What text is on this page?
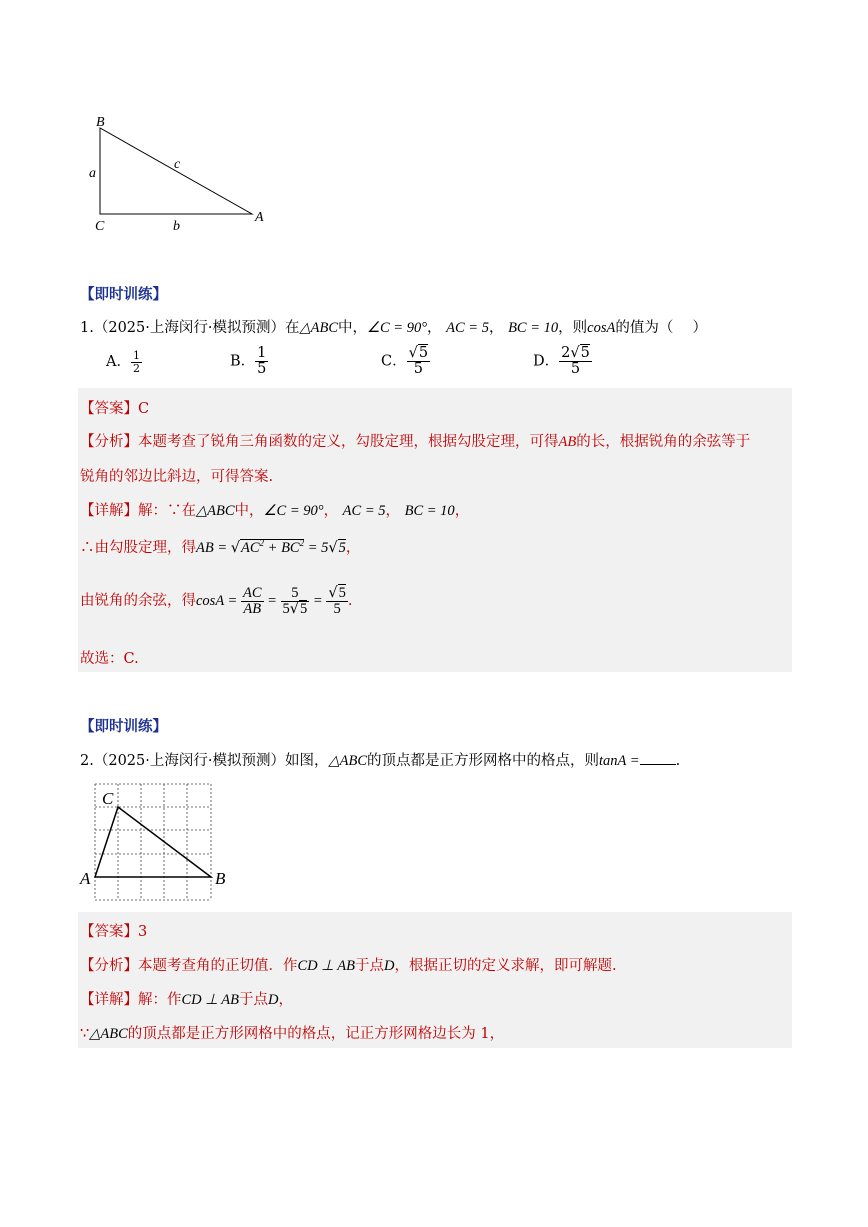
B
C
A
a
b
c
【即时训练】
1.（2025·上海闵行·模拟预测）在△ABC中，∠C = 90°， AC = 5， BC = 10，则cosA的值为（　 ）
A． $\frac{1}{2}$	B． $\frac{1}{5}$	C． $\frac{√5}{5}$	D． $\frac{2√5}{5}$
【答案】C
【分析】本题考查了锐角三角函数的定义，勾股定理，根据勾股定理，可得AB的长，根据锐角的余弦等于
锐角的邻边比斜边，可得答案.
【详解】解：∵在△ABC中，∠C = 90°， AC = 5， BC = 10，
∴由勾股定理，得AB = $√AC^2 + BC^2 = 5√5$，
由锐角的余弦，得$\cos A = \frac{AC}{AB} = \frac{5}{5√5} = \frac{√5}{5}$ .
故选：C.
【即时训练】
2.（2025·上海闵行·模拟预测）如图，△ABC的顶点都是正方形网格中的格点，则tanA = .
C
A	B
【答案】3
【分析】本题考查角的正切值．作CD ⊥ AB于点D，根据正切的定义求解，即可解题.
【详解】解：作CD ⊥ AB于点D，
∵△ABC的顶点都是正方形网格中的格点，记正方形网格边长为 1，
